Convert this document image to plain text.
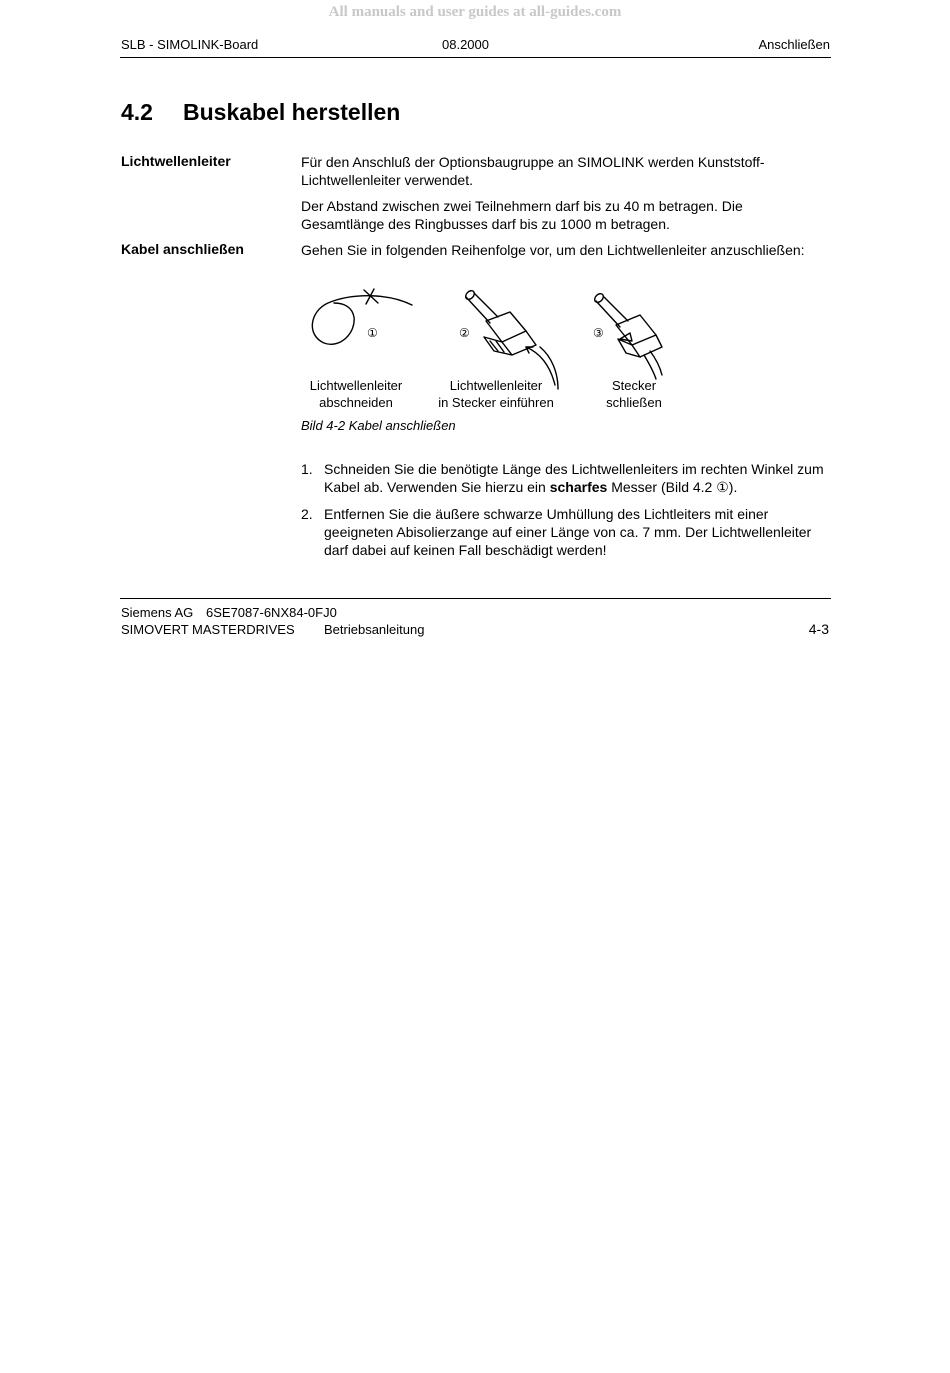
All manuals and user guides at all-guides.com
SLB - SIMOLINK-Board	08.2000	Anschließen
4.2 Buskabel herstellen
Lichtwellenleiter	Für den Anschluß der Optionsbaugruppe an SIMOLINK werden Kunststoff-Lichtwellenleiter verwendet.
Der Abstand zwischen zwei Teilnehmern darf bis zu 40 m betragen. Die Gesamtlänge des Ringbusses darf bis zu 1000 m betragen.
Kabel anschließen	Gehen Sie in folgenden Reihenfolge vor, um den Lichtwellenleiter anzuschließen:
①	②	③
Lichtwellenleiter
abschneiden
Lichtwellenleiter
in Stecker einführen
Stecker
schließen
Bild 4-2 Kabel anschließen
1. Schneiden Sie die benötigte Länge des Lichtwellenleiters im rechten Winkel zum Kabel ab. Verwenden Sie hierzu ein scharfes Messer (Bild 4.2 ①).
2. Entfernen Sie die äußere schwarze Umhüllung des Lichtleiters mit einer geeigneten Abisolierzange auf einer Länge von ca. 7 mm. Der Lichtwellenleiter darf dabei auf keinen Fall beschädigt werden!
Siemens AG 6SE7087-6NX84-0FJ0
SIMOVERT MASTERDRIVES Betriebsanleitung	4-3
